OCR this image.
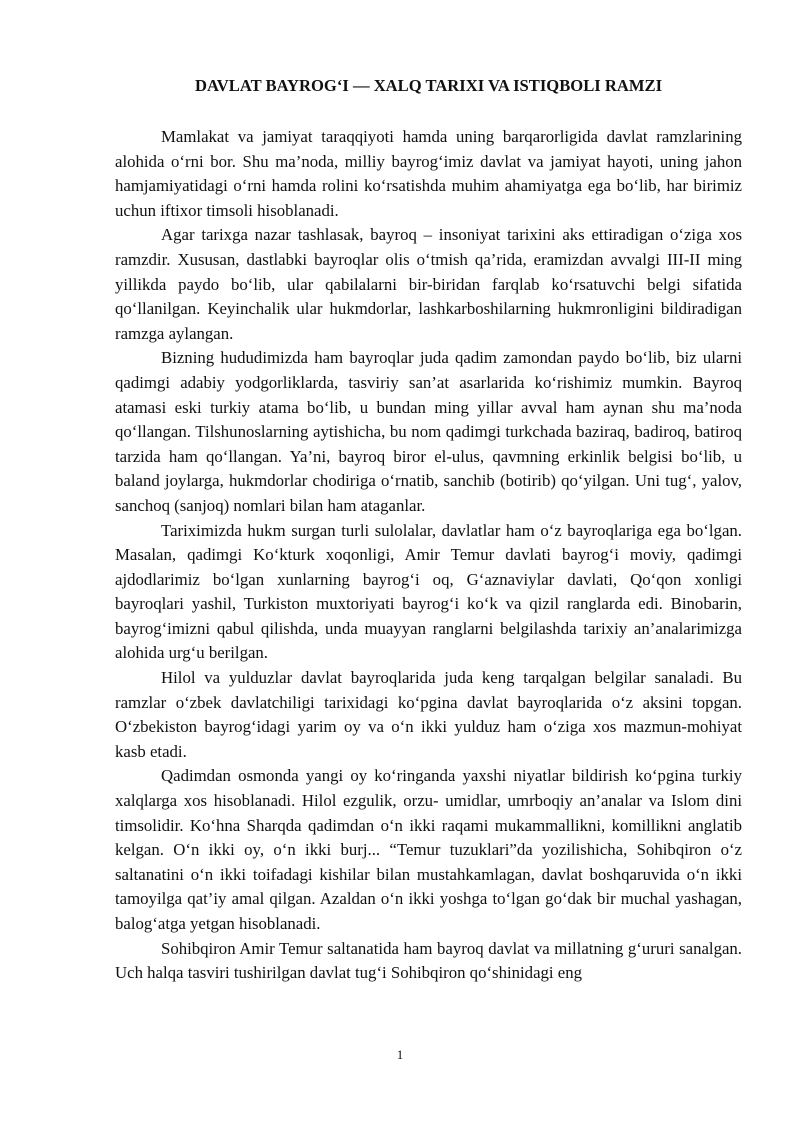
DAVLAT BAYROG‘I — XALQ TARIXI VA ISTIQBOLI RAMZI

Mamlakat va jamiyat taraqqiyoti hamda uning barqarorligida davlat ramzlarining alohida o‘rni bor. Shu ma’noda, milliy bayrog‘imiz davlat va jamiyat hayoti, uning jahon hamjamiyatidagi o‘rni hamda rolini ko‘rsatishda muhim ahamiyatga ega bo‘lib, har birimiz uchun iftixor timsoli hisoblanadi.

Agar tarixga nazar tashlasak, bayroq – insoniyat tarixini aks ettiradigan o‘ziga xos ramzdir. Xususan, dastlabki bayroqlar olis o‘tmish qa’rida, eramizdan avvalgi III-II ming yillikda paydo bo‘lib, ular qabilalarni bir-biridan farqlab ko‘rsatuvchi belgi sifatida qo‘llanilgan. Keyinchalik ular hukmdorlar, lashkarboshilarning hukmronligini bildiradigan ramzga aylangan.

Bizning hududimizda ham bayroqlar juda qadim zamondan paydo bo‘lib, biz ularni qadimgi adabiy yodgorliklarda, tasviriy san’at asarlarida ko‘rishimiz mumkin. Bayroq atamasi eski turkiy atama bo‘lib, u bundan ming yillar avval ham aynan shu ma’noda qo‘llangan. Tilshunoslarning aytishicha, bu nom qadimgi turkchada baziraq, badiroq, batiroq tarzida ham qo‘llangan. Ya’ni, bayroq biror el-ulus, qavmning erkinlik belgisi bo‘lib, u baland joylarga, hukmdorlar chodiriga o‘rnatib, sanchib (botirib) qo‘yilgan. Uni tug‘, yalov, sanchoq (sanjoq) nomlari bilan ham ataganlar.

Tariximizda hukm surgan turli sulolalar, davlatlar ham o‘z bayroqlariga ega bo‘lgan. Masalan, qadimgi Ko‘kturk xoqonligi, Amir Temur davlati bayrog‘i moviy, qadimgi ajdodlarimiz bo‘lgan xunlarning bayrog‘i oq, G‘aznaviylar davlati, Qo‘qon xonligi bayroqlari yashil, Turkiston muxtoriyati bayrog‘i ko‘k va qizil ranglarda edi. Binobarin, bayrog‘imizni qabul qilishda, unda muayyan ranglarni belgilashda tarixiy an’analarimizga alohida urg‘u berilgan.

Hilol va yulduzlar davlat bayroqlarida juda keng tarqalgan belgilar sanaladi. Bu ramzlar o‘zbek davlatchiligi tarixidagi ko‘pgina davlat bayroqlarida o‘z aksini topgan. O‘zbekiston bayrog‘idagi yarim oy va o‘n ikki yulduz ham o‘ziga xos mazmun-mohiyat kasb etadi.

Qadimdan osmonda yangi oy ko‘ringanda yaxshi niyatlar bildirish ko‘pgina turkiy xalqlarga xos hisoblanadi. Hilol ezgulik, orzu- umidlar, umrboqiy an’analar va Islom dini timsolidir. Ko‘hna Sharqda qadimdan o‘n ikki raqami mukammallikni, komillikni anglatib kelgan. O‘n ikki oy, o‘n ikki burj... “Temur tuzuklari”da yozilishicha, Sohibqiron o‘z saltanatini o‘n ikki toifadagi kishilar bilan mustahkamlagan, davlat boshqaruvida o‘n ikki tamoyilga qat’iy amal qilgan. Azaldan o‘n ikki yoshga to‘lgan go‘dak bir muchal yashagan, balog‘atga yetgan hisoblanadi.

Sohibqiron Amir Temur saltanatida ham bayroq davlat va millatning g‘ururi sanalgan. Uch halqa tasviri tushirilgan davlat tug‘i Sohibqiron qo‘shinidagi eng

1
